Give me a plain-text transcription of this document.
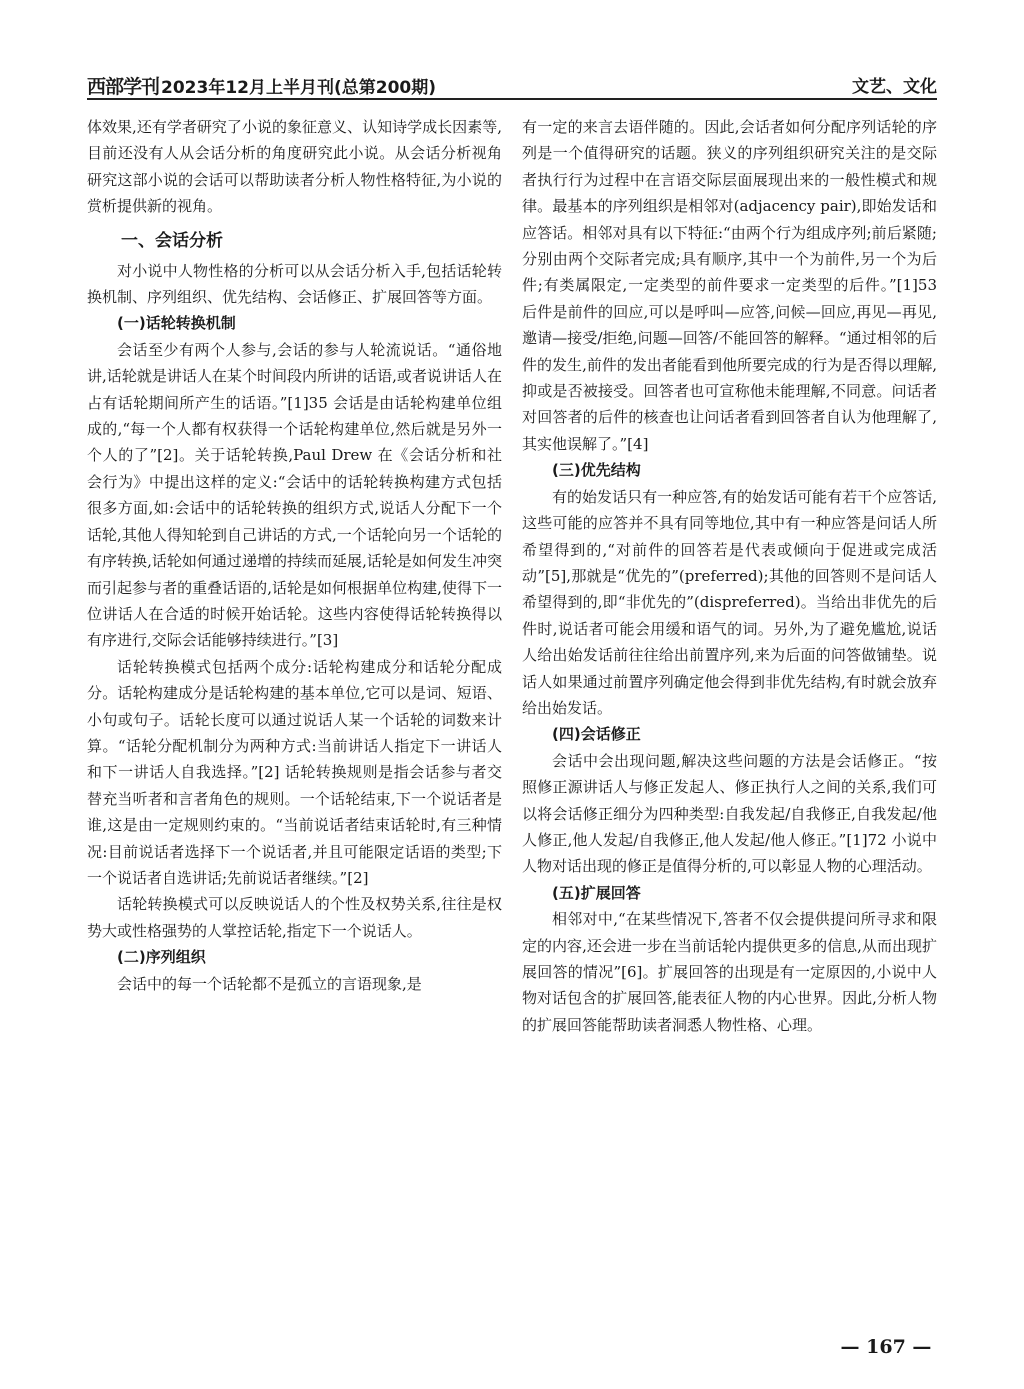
西部学刊 2023年12月上半月刊(总第200期)	文艺、文化

体效果,还有学者研究了小说的象征意义、认知诗学成长因素等,目前还没有人从会话分析的角度研究此小说。从会话分析视角研究这部小说的会话可以帮助读者分析人物性格特征,为小说的赏析提供新的视角。

一、会话分析

对小说中人物性格的分析可以从会话分析入手,包括话轮转换机制、序列组织、优先结构、会话修正、扩展回答等方面。

(一)话轮转换机制

会话至少有两个人参与,会话的参与人轮流说话。“通俗地讲,话轮就是讲话人在某个时间段内所讲的话语,或者说讲话人在占有话轮期间所产生的话语。”[1]35 会话是由话轮构建单位组成的,“每一个人都有权获得一个话轮构建单位,然后就是另外一个人的了”[2]。关于话轮转换,Paul Drew 在《会话分析和社会行为》中提出这样的定义:“会话中的话轮转换构建方式包括很多方面,如:会话中的话轮转换的组织方式,说话人分配下一个话轮,其他人得知轮到自己讲话的方式,一个话轮向另一个话轮的有序转换,话轮如何通过递增的持续而延展,话轮是如何发生冲突而引起参与者的重叠话语的,话轮是如何根据单位构建,使得下一位讲话人在合适的时候开始话轮。这些内容使得话轮转换得以有序进行,交际会话能够持续进行。”[3]

话轮转换模式包括两个成分:话轮构建成分和话轮分配成分。话轮构建成分是话轮构建的基本单位,它可以是词、短语、小句或句子。话轮长度可以通过说话人某一个话轮的词数来计算。“话轮分配机制分为两种方式:当前讲话人指定下一讲话人和下一讲话人自我选择。”[2] 话轮转换规则是指会话参与者交替充当听者和言者角色的规则。一个话轮结束,下一个说话者是谁,这是由一定规则约束的。“当前说话者结束话轮时,有三种情况:目前说话者选择下一个说话者,并且可能限定话语的类型;下一个说话者自选讲话;先前说话者继续。”[2]

话轮转换模式可以反映说话人的个性及权势关系,往往是权势大或性格强势的人掌控话轮,指定下一个说话人。

(二)序列组织

会话中的每一个话轮都不是孤立的言语现象,是

有一定的来言去语伴随的。因此,会话者如何分配序列话轮的序列是一个值得研究的话题。狭义的序列组织研究关注的是交际者执行行为过程中在言语交际层面展现出来的一般性模式和规律。最基本的序列组织是相邻对(adjacency pair),即始发话和应答话。相邻对具有以下特征:“由两个行为组成序列;前后紧随;分别由两个交际者完成;具有顺序,其中一个为前件,另一个为后件;有类属限定,一定类型的前件要求一定类型的后件。”[1]53 后件是前件的回应,可以是呼叫—应答,问候—回应,再见—再见,邀请—接受/拒绝,问题—回答/不能回答的解释。“通过相邻的后件的发生,前件的发出者能看到他所要完成的行为是否得以理解,抑或是否被接受。回答者也可宣称他未能理解,不同意。问话者对回答者的后件的核查也让问话者看到回答者自认为他理解了,其实他误解了。”[4]

(三)优先结构

有的始发话只有一种应答,有的始发话可能有若干个应答话,这些可能的应答并不具有同等地位,其中有一种应答是问话人所希望得到的,“对前件的回答若是代表或倾向于促进或完成活动”[5],那就是“优先的”(preferred);其他的回答则不是问话人希望得到的,即“非优先的”(dispreferred)。当给出非优先的后件时,说话者可能会用缓和语气的词。另外,为了避免尴尬,说话人给出始发话前往往给出前置序列,来为后面的问答做铺垫。说话人如果通过前置序列确定他会得到非优先结构,有时就会放弃给出始发话。

(四)会话修正

会话中会出现问题,解决这些问题的方法是会话修正。“按照修正源讲话人与修正发起人、修正执行人之间的关系,我们可以将会话修正细分为四种类型:自我发起/自我修正,自我发起/他人修正,他人发起/自我修正,他人发起/他人修正。”[1]72 小说中人物对话出现的修正是值得分析的,可以彰显人物的心理活动。

(五)扩展回答

相邻对中,“在某些情况下,答者不仅会提供提问所寻求和限定的内容,还会进一步在当前话轮内提供更多的信息,从而出现扩展回答的情况”[6]。扩展回答的出现是有一定原因的,小说中人物对话包含的扩展回答,能表征人物的内心世界。因此,分析人物的扩展回答能帮助读者洞悉人物性格、心理。

— 167 —
